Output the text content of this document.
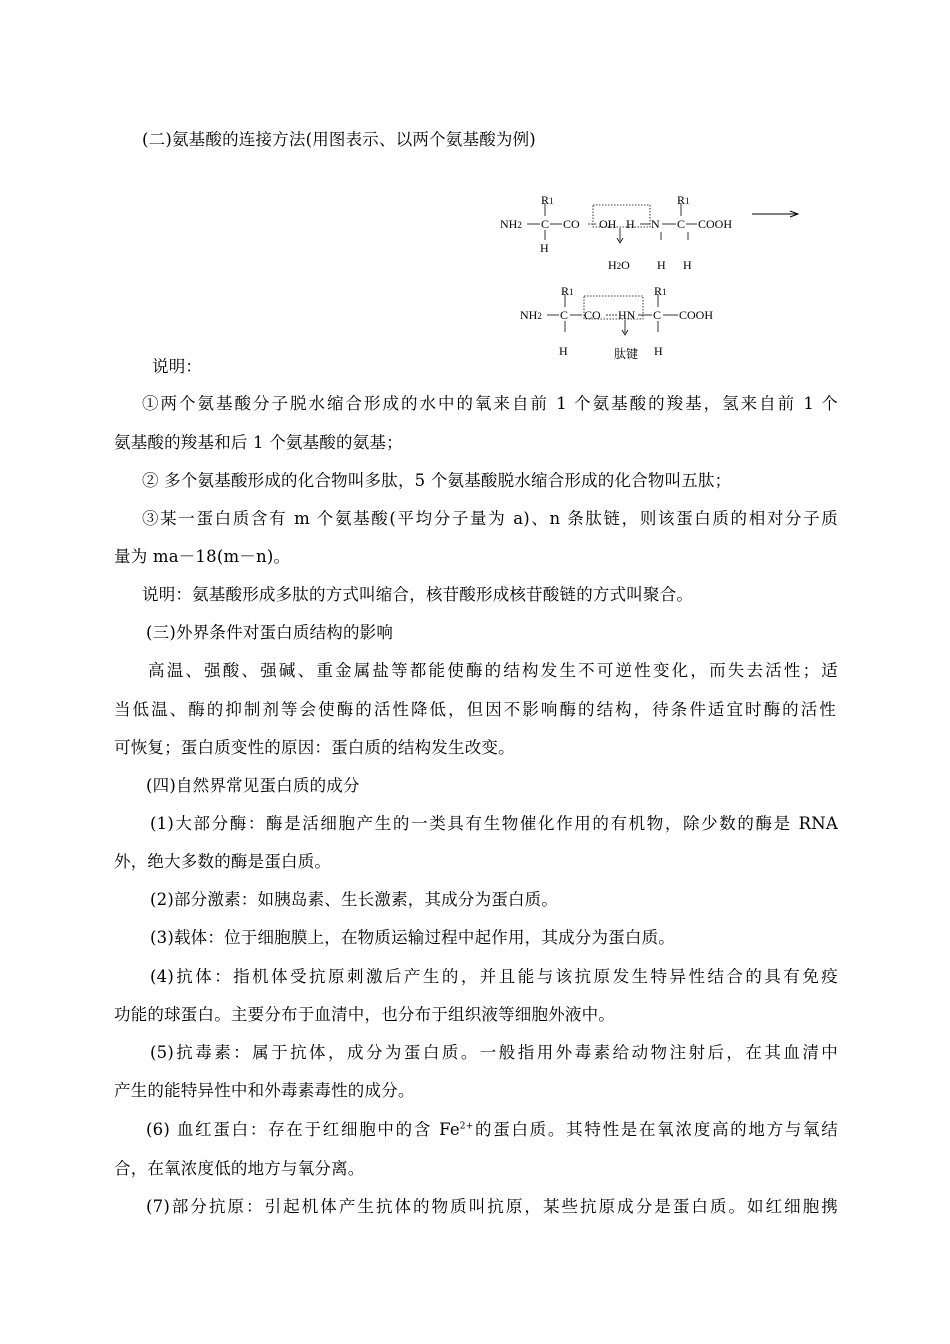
(二)氨基酸的连接方法(用图表示、以两个氨基酸为例)
R1	R1
NH2 C CO OH H N C COOH
H
H2O H H
R1	R1
NH2 C CO HN C COOH
H	肽键 H
说明：
①两个氨基酸分子脱水缩合形成的水中的氧来自前 1 个氨基酸的羧基，氢来自前 1 个
氨基酸的羧基和后 1 个氨基酸的氨基；
② 多个氨基酸形成的化合物叫多肽，5 个氨基酸脱水缩合形成的化合物叫五肽；
③某一蛋白质含有 m 个氨基酸(平均分子量为 a)、n 条肽链，则该蛋白质的相对分子质
量为 ma－18(m－n)。
说明：氨基酸形成多肽的方式叫缩合，核苷酸形成核苷酸链的方式叫聚合。
(三)外界条件对蛋白质结构的影响
高温、强酸、强碱、重金属盐等都能使酶的结构发生不可逆性变化，而失去活性；适
当低温、酶的抑制剂等会使酶的活性降低，但因不影响酶的结构，待条件适宜时酶的活性
可恢复；蛋白质变性的原因：蛋白质的结构发生改变。
(四)自然界常见蛋白质的成分
(1)大部分酶：酶是活细胞产生的一类具有生物催化作用的有机物，除少数的酶是 RNA
外，绝大多数的酶是蛋白质。
(2)部分激素：如胰岛素、生长激素，其成分为蛋白质。
(3)载体：位于细胞膜上，在物质运输过程中起作用，其成分为蛋白质。
(4)抗体：指机体受抗原刺激后产生的，并且能与该抗原发生特异性结合的具有免疫
功能的球蛋白。主要分布于血清中，也分布于组织液等细胞外液中。
(5)抗毒素：属于抗体，成分为蛋白质。一般指用外毒素给动物注射后，在其血清中
产生的能特异性中和外毒素毒性的成分。
(6) 血红蛋白：存在于红细胞中的含 $Fe^{2+}$的蛋白质。其特性是在氧浓度高的地方与氧结
合，在氧浓度低的地方与氧分离。
(7)部分抗原：引起机体产生抗体的物质叫抗原，某些抗原成分是蛋白质。如红细胞携
